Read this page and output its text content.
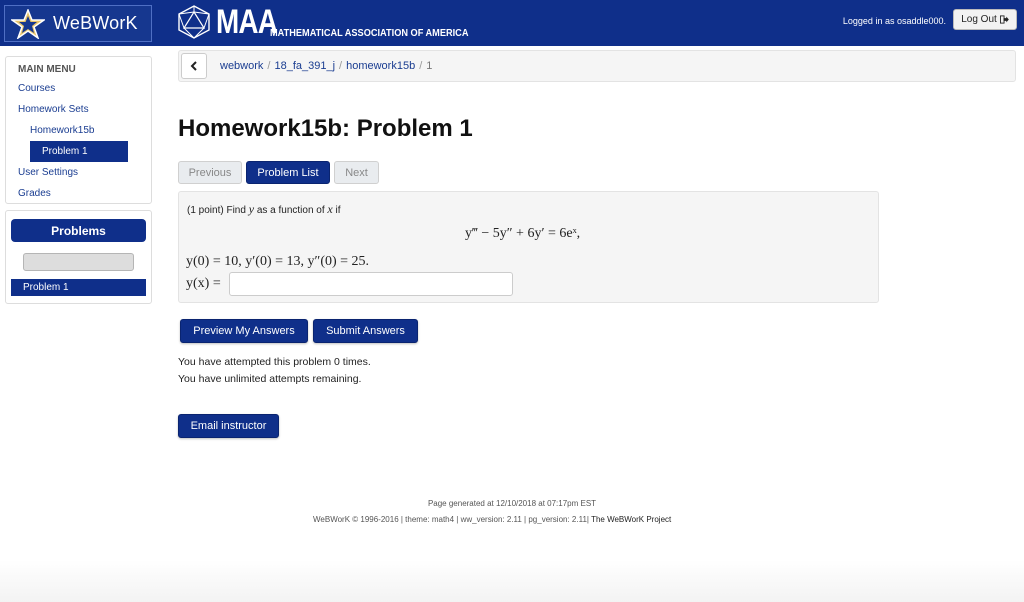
WeBWorK MAA
MATHEMATICAL ASSOCIATION OF AMERICA
Logged in as osaddle000. Log Out
MAIN MENU
Courses
Homework Sets
Homework15b
Problem 1
User Settings
Grades
Problems
Problem 1
webwork / 18_fa_391_j / homework15b / 1
Homework15b: Problem 1
Previous	Problem List	Next
(1 point) Find y as a function of x if
y‴ − 5y″ + 6y′ = 6eˣ,
y(0) = 10, y′(0) = 13, y″(0) = 25.
y(x) =
Preview My Answers	Submit Answers
You have attempted this problem 0 times.
You have unlimited attempts remaining.
Email instructor
Page generated at 12/10/2018 at 07:17pm EST
WeBWorK © 1996-2016 | theme: math4 | ww_version: 2.11 | pg_version: 2.11| The WeBWorK Project
